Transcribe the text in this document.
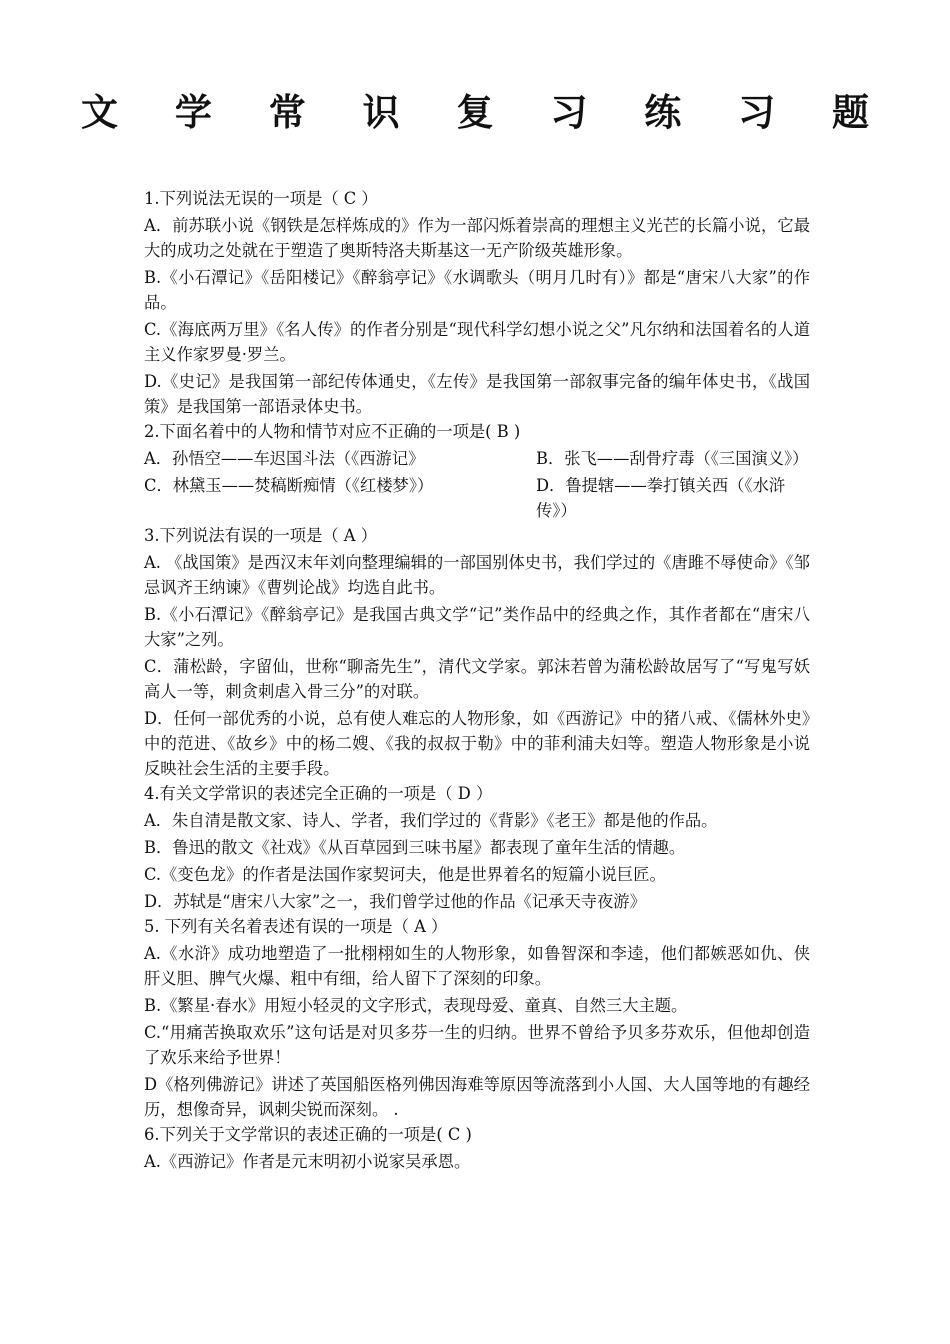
文 学 常 识 复 习 练 习 题

1.下列说法无误的一项是（ C ）

A．前苏联小说《钢铁是怎样炼成的》作为一部闪烁着崇高的理想主义光芒的长篇小说，它最大的成功之处就在于塑造了奥斯特洛夫斯基这一无产阶级英雄形象。

B.《小石潭记》《岳阳楼记》《醉翁亭记》《水调歌头（明月几时有）》都是“唐宋八大家”的作品。

C.《海底两万里》《名人传》的作者分别是“现代科学幻想小说之父”凡尔纳和法国着名的人道主义作家罗曼·罗兰。

D.《史记》是我国第一部纪传体通史，《左传》是我国第一部叙事完备的编年体史书，《战国策》是我国第一部语录体史书。

2.下面名着中的人物和情节对应不正确的一项是( B )

A．孙悟空——车迟国斗法（《西游记》	B．张飞——刮骨疗毒（《三国演义》）
C．林黛玉——焚稿断痴情（《红楼梦》）	D．鲁提辖——拳打镇关西（《水浒传》）

3.下列说法有误的一项是（ A ）

A. 《战国策》是西汉末年刘向整理编辑的一部国别体史书，我们学过的《唐雎不辱使命》《邹忌讽齐王纳谏》《曹刿论战》均选自此书。

B.《小石潭记》《醉翁亭记》是我国古典文学“记”类作品中的经典之作，其作者都在“唐宋八大家”之列。

C．蒲松龄，字留仙，世称“聊斋先生”，清代文学家。郭沫若曾为蒲松龄故居写了“写鬼写妖高人一等，刺贪刺虐入骨三分”的对联。

D．任何一部优秀的小说，总有使人难忘的人物形象，如《西游记》中的猪八戒、《儒林外史》中的范进、《故乡》中的杨二嫂、《我的叔叔于勒》中的菲利浦夫妇等。塑造人物形象是小说反映社会生活的主要手段。

4.有关文学常识的表述完全正确的一项是（ D ）

A．朱自清是散文家、诗人、学者，我们学过的《背影》《老王》都是他的作品。

B．鲁迅的散文《社戏》《从百草园到三味书屋》都表现了童年生活的情趣。

C.《变色龙》的作者是法国作家契诃夫，他是世界着名的短篇小说巨匠。

D．苏轼是“唐宋八大家”之一，我们曾学过他的作品《记承天寺夜游》

5. 下列有关名着表述有误的一项是（ A ）

A.《水浒》成功地塑造了一批栩栩如生的人物形象，如鲁智深和李逵，他们都嫉恶如仇、侠肝义胆、脾气火爆、粗中有细，给人留下了深刻的印象。

B.《繁星·春水》用短小轻灵的文字形式，表现母爱、童真、自然三大主题。

C.“用痛苦换取欢乐”这句话是对贝多芬一生的归纳。世界不曾给予贝多芬欢乐，但他却创造了欢乐来给予世界！

D《格列佛游记》讲述了英国船医格列佛因海难等原因等流落到小人国、大人国等地的有趣经历，想像奇异，讽刺尖锐而深刻。 .

6.下列关于文学常识的表述正确的一项是( C )

A.《西游记》作者是元末明初小说家吴承恩。
